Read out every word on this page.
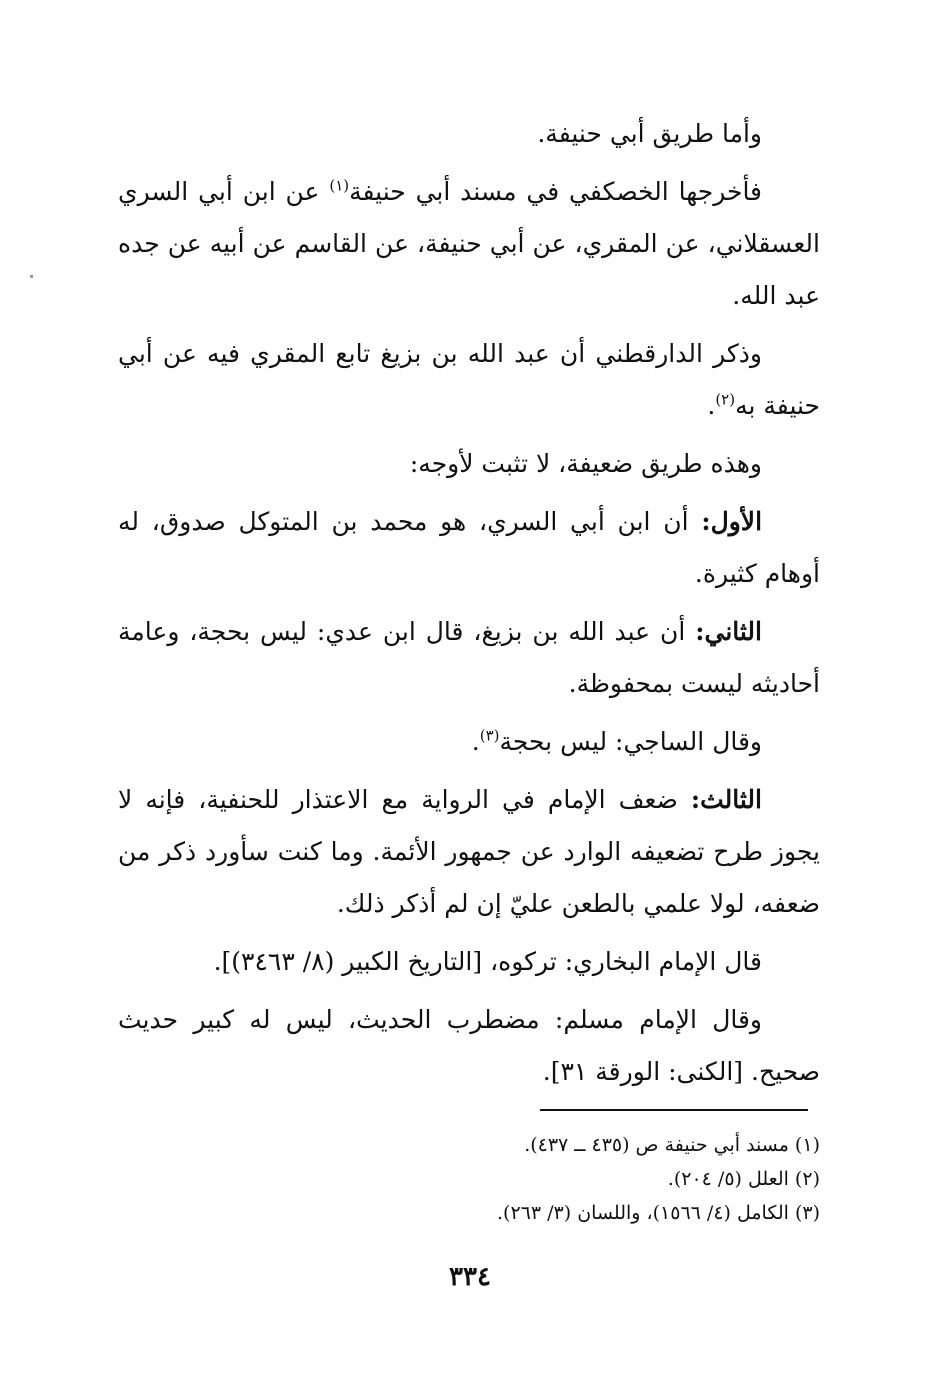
وأما طريق أبي حنيفة.

فأخرجها الخصكفي في مسند أبي حنيفة$^{(١)}$ عن ابن أبي السري العسقلاني، عن المقري، عن أبي حنيفة، عن القاسم عن أبيه عن جده عبد الله.

وذكر الدارقطني أن عبد الله بن بزيغ تابع المقري فيه عن أبي حنيفة به$^{(٢)}$.

وهذه طريق ضعيفة، لا تثبت لأوجه:

الأول: أن ابن أبي السري، هو محمد بن المتوكل صدوق، له أوهام كثيرة.

الثاني: أن عبد الله بن بزيغ، قال ابن عدي: ليس بحجة، وعامة أحاديثه ليست بمحفوظة.

وقال الساجي: ليس بحجة$^{(٣)}$.

الثالث: ضعف الإمام في الرواية مع الاعتذار للحنفية، فإنه لا يجوز طرح تضعيفه الوارد عن جمهور الأئمة. وما كنت سأورد ذكر من ضعفه، لولا علمي بالطعن عليّ إن لم أذكر ذلك.

قال الإمام البخاري: تركوه، [التاريخ الكبير (٨/ ٣٤٦٣)].

وقال الإمام مسلم: مضطرب الحديث، ليس له كبير حديث صحيح. [الكنى: الورقة ٣١].

(١) مسند أبي حنيفة ص (٤٣٥ ــ ٤٣٧).

(٢) العلل (٥/ ٢٠٤).

(٣) الكامل (٤/ ١٥٦٦)، واللسان (٣/ ٢٦٣).

٣٣٤
